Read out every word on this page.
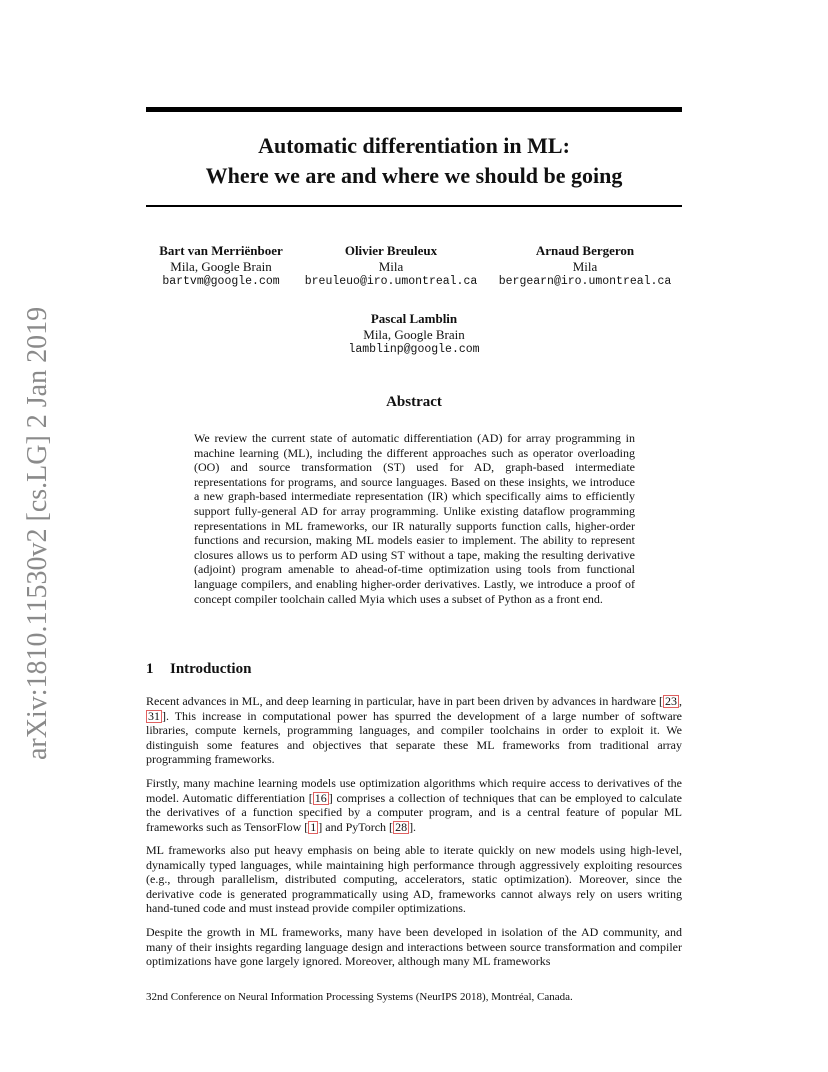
arXiv:1810.11530v2 [cs.LG] 2 Jan 2019
Automatic differentiation in ML:
Where we are and where we should be going
Bart van Merriënboer
Mila, Google Brain
bartvm@google.com
Olivier Breuleux
Mila
breuleuo@iro.umontreal.ca
Arnaud Bergeron
Mila
bergearn@iro.umontreal.ca
Pascal Lamblin
Mila, Google Brain
lamblinp@google.com
Abstract
We review the current state of automatic differentiation (AD) for array programming in machine learning (ML), including the different approaches such as operator overloading (OO) and source transformation (ST) used for AD, graph-based intermediate representations for programs, and source languages. Based on these insights, we introduce a new graph-based intermediate representation (IR) which specifically aims to efficiently support fully-general AD for array programming. Unlike existing dataflow programming representations in ML frameworks, our IR naturally supports function calls, higher-order functions and recursion, making ML models easier to implement. The ability to represent closures allows us to perform AD using ST without a tape, making the resulting derivative (adjoint) program amenable to ahead-of-time optimization using tools from functional language compilers, and enabling higher-order derivatives. Lastly, we introduce a proof of concept compiler toolchain called Myia which uses a subset of Python as a front end.
1 Introduction

Recent advances in ML, and deep learning in particular, have in part been driven by advances in hardware [ 23 , 31 ]. This increase in computational power has spurred the development of a large number of software libraries, compute kernels, programming languages, and compiler toolchains in order to exploit it. We distinguish some features and objectives that separate these ML frameworks from traditional array programming frameworks.

Firstly, many machine learning models use optimization algorithms which require access to derivatives of the model. Automatic differentiation [ 16 ] comprises a collection of techniques that can be employed to calculate the derivatives of a function specified by a computer program, and is a central feature of popular ML frameworks such as TensorFlow [ 1 ] and PyTorch [ 28 ].

ML frameworks also put heavy emphasis on being able to iterate quickly on new models using high-level, dynamically typed languages, while maintaining high performance through aggressively exploiting resources (e.g., through parallelism, distributed computing, accelerators, static optimization). Moreover, since the derivative code is generated programmatically using AD, frameworks cannot always rely on users writing hand-tuned code and must instead provide compiler optimizations.

Despite the growth in ML frameworks, many have been developed in isolation of the AD community, and many of their insights regarding language design and interactions between source transformation and compiler optimizations have gone largely ignored. Moreover, although many ML frameworks

32nd Conference on Neural Information Processing Systems (NeurIPS 2018), Montréal, Canada.
